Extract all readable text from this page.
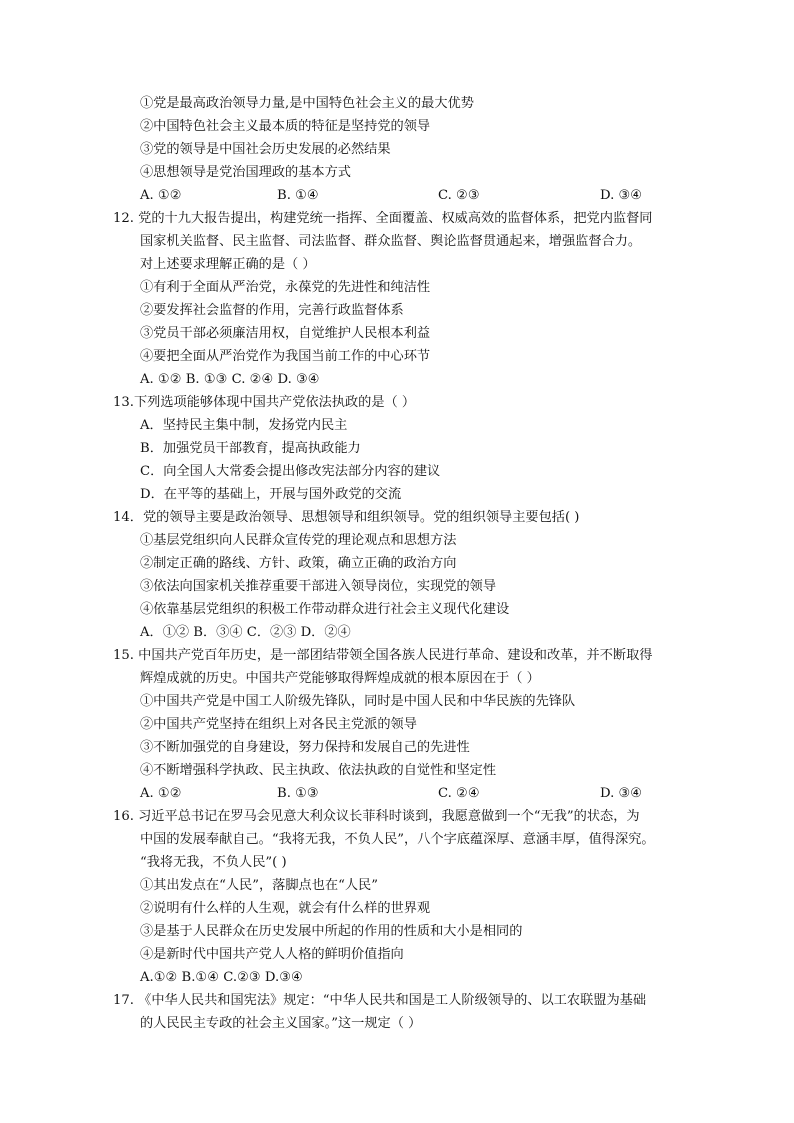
①党是最高政治领导力量,是中国特色社会主义的最大优势
②中国特色社会主义最本质的特征是坚持党的领导
③党的领导是中国社会历史发展的必然结果
④思想领导是党治国理政的基本方式
A. ①②	B. ①④	C. ②③	D. ③④
12. 党的十九大报告提出，构建党统一指挥、全面覆盖、权威高效的监督体系，把党内监督同
国家机关监督、民主监督、司法监督、群众监督、舆论监督贯通起来，增强监督合力。
对上述要求理解正确的是（ ）
①有利于全面从严治党，永葆党的先进性和纯洁性
②要发挥社会监督的作用，完善行政监督体系
③党员干部必须廉洁用权，自觉维护人民根本利益
④要把全面从严治党作为我国当前工作的中心环节
A. ①② B. ①③ C. ②④ D. ③④
13.下列选项能够体现中国共产党依法执政的是（ ）
A．坚持民主集中制，发扬党内民主
B．加强党员干部教育，提高执政能力
C．向全国人大常委会提出修改宪法部分内容的建议
D．在平等的基础上，开展与国外政党的交流
14．党的领导主要是政治领导、思想领导和组织领导。党的组织领导主要包括( )
①基层党组织向人民群众宣传党的理论观点和思想方法
②制定正确的路线、方针、政策，确立正确的政治方向
③依法向国家机关推荐重要干部进入领导岗位，实现党的领导
④依靠基层党组织的积极工作带动群众进行社会主义现代化建设
A．①② B．③④ C．②③ D．②④
15. 中国共产党百年历史，是一部团结带领全国各族人民进行革命、建设和改革，并不断取得
辉煌成就的历史。中国共产党能够取得辉煌成就的根本原因在于（ ）
①中国共产党是中国工人阶级先锋队，同时是中国人民和中华民族的先锋队
②中国共产党坚持在组织上对各民主党派的领导
③不断加强党的自身建设，努力保持和发展自己的先进性
④不断增强科学执政、民主执政、依法执政的自觉性和坚定性
A. ①②	B. ①③	C. ②④	D. ③④
16. 习近平总书记在罗马会见意大利众议长菲科时谈到，我愿意做到一个“无我”的状态，为
中国的发展奉献自己。“我将无我，不负人民”，八个字底蕴深厚、意涵丰厚，值得深究。
“我将无我，不负人民”( )
①其出发点在“人民”，落脚点也在“人民”
②说明有什么样的人生观，就会有什么样的世界观
③是基于人民群众在历史发展中所起的作用的性质和大小是相同的
④是新时代中国共产党人人格的鲜明价值指向
A.①② B.①④ C.②③ D.③④
17. 《中华人民共和国宪法》规定：“中华人民共和国是工人阶级领导的、以工农联盟为基础
的人民民主专政的社会主义国家。”这一规定（ ）
